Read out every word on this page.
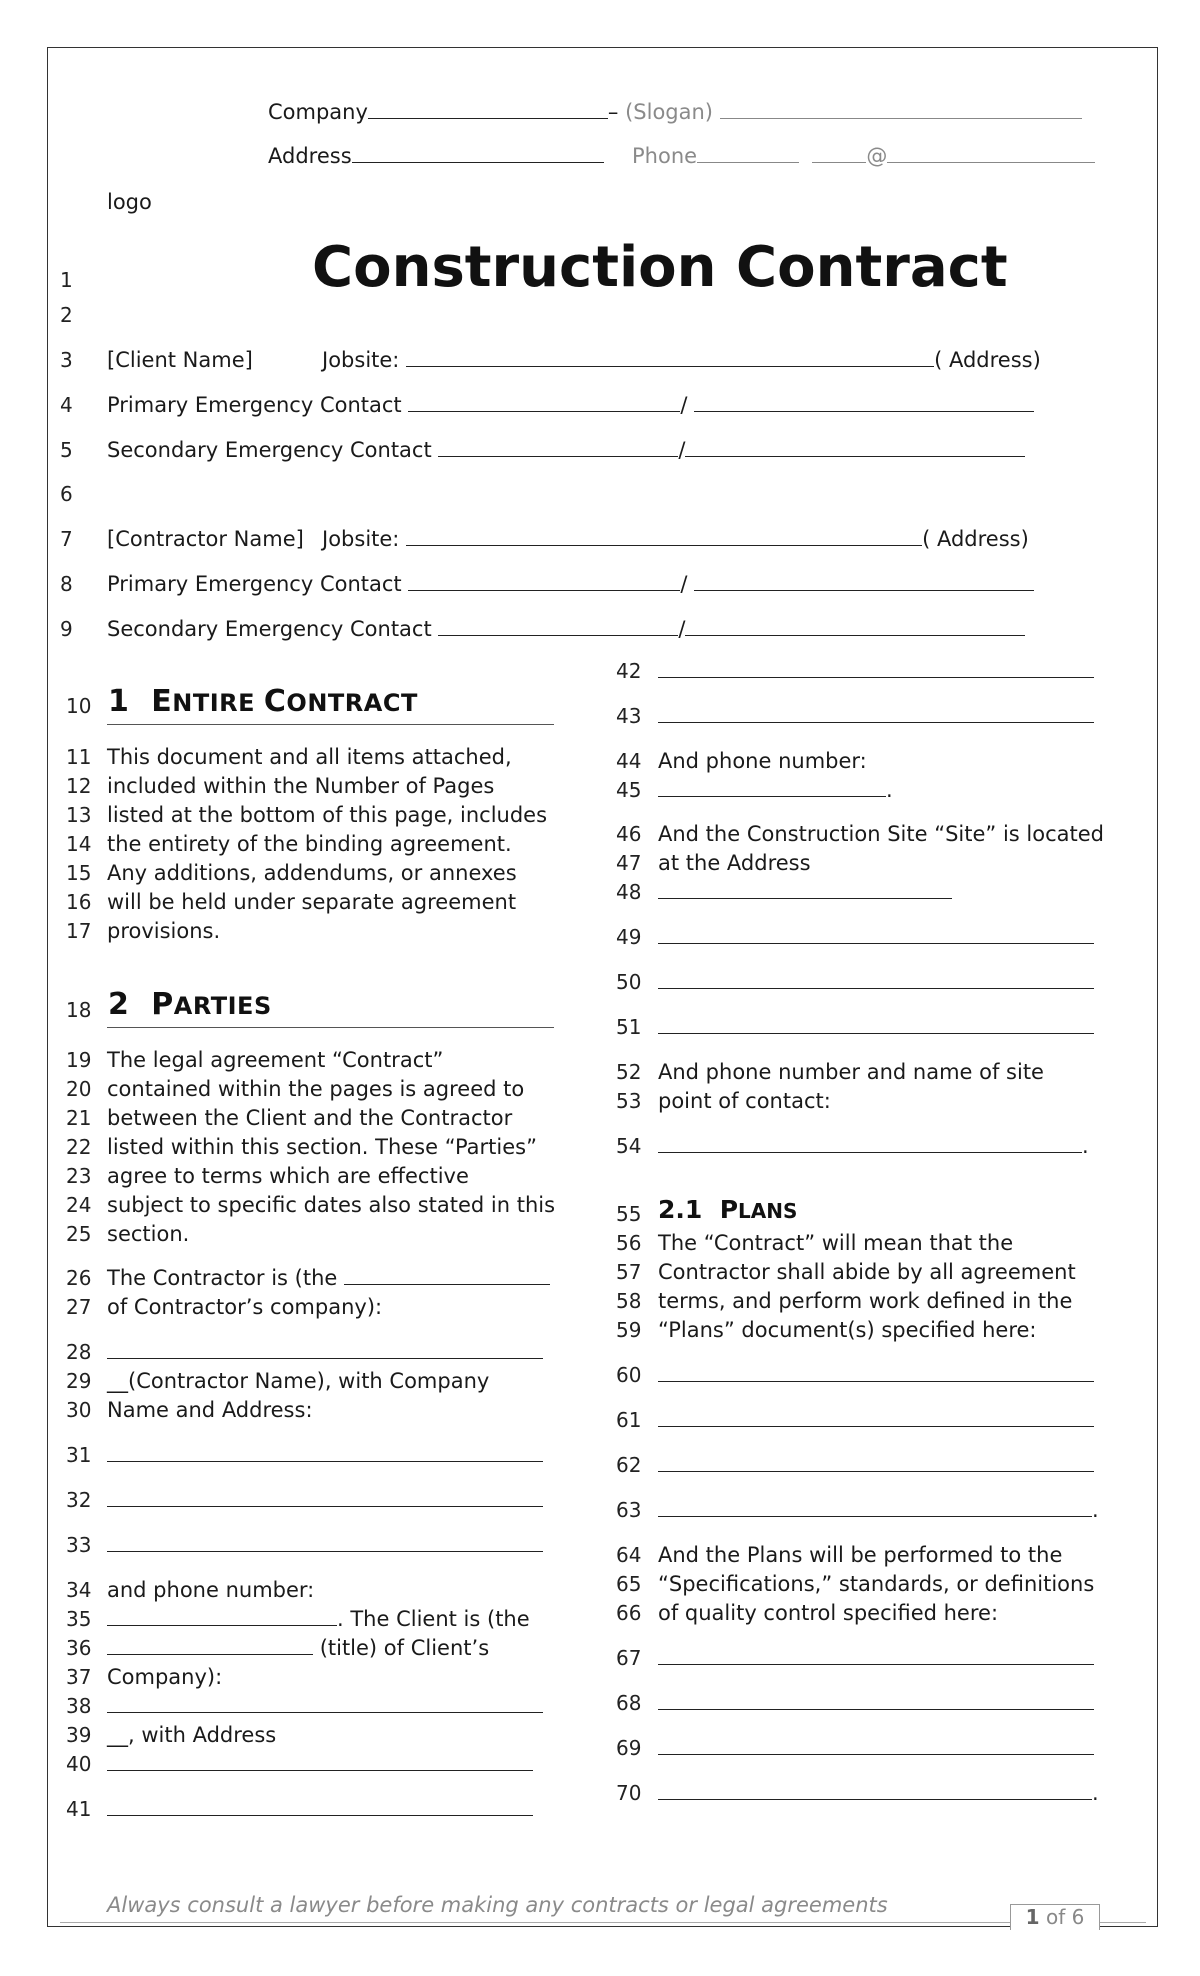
Company	– (Slogan)
Address	Phone	@
logo
Construction Contract
1
2
3
4
5
6
7
8
9
[Client Name]	Jobsite:	( Address)
Primary Emergency Contact	/
Secondary Emergency Contact	/
[Contractor Name] Jobsite:	( Address)
Primary Emergency Contact	/
Secondary Emergency Contact	/
10 1 ENTIRE CONTRACT
11
12
13
14
15
16
17
This document and all items attached,
included within the Number of Pages
listed at the bottom of this page, includes
the entirety of the binding agreement.
Any additions, addendums, or annexes
will be held under separate agreement
provisions.
18 2 PARTIES
19
20
21
22
23
24
25
The legal agreement “Contract”
contained within the pages is agreed to
between the Client and the Contractor
listed within this section. These “Parties”
agree to terms which are effective
subject to specific dates also stated in this
section.
26
27
The Contractor is (the
of Contractor’s company):
28
29
30
__(Contractor Name), with Company
Name and Address:
31
32
33
34 and phone number:
35	. The Client is (the
36	(title) of Client’s
37 Company):
38
39 __, with Address
40
41
42
43
44 And phone number:
45	.
46 And the Construction Site “Site” is located
47 at the Address
48
49
50
51
52 And phone number and name of site
53 point of contact:
54	.
55 2.1 PLANS
56
57
58
59
The “Contract” will mean that the
Contractor shall abide by all agreement
terms, and perform work defined in the
“Plans” document(s) specified here:
60
61
62
63	.
64
65
66
And the Plans will be performed to the
“Specifications,” standards, or definitions
of quality control specified here:
67
68
69
70	.
Always consult a lawyer before making any contracts or legal agreements	1 of 6
